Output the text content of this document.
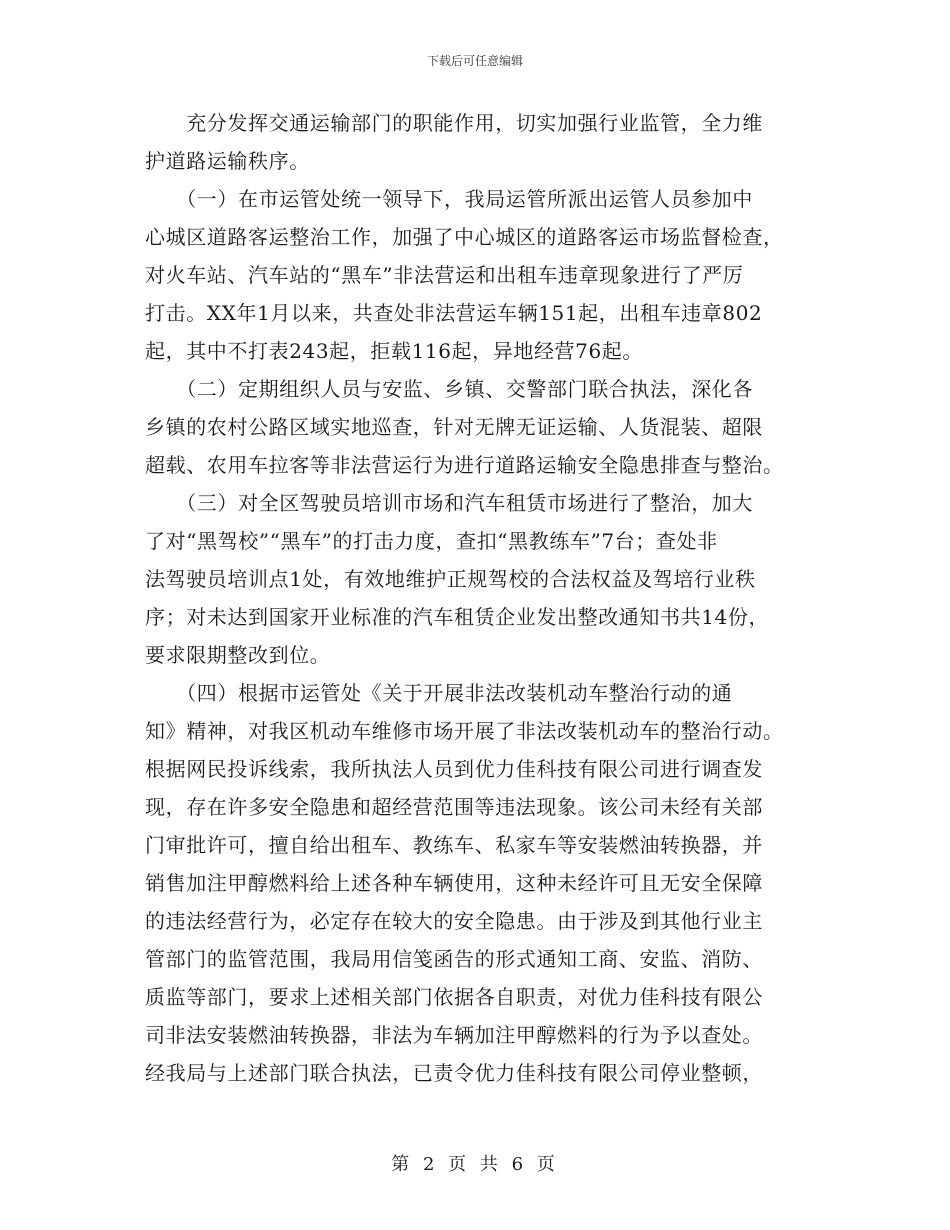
下载后可任意编辑
　　充分发挥交通运输部门的职能作用，切实加强行业监管，全力维
护道路运输秩序。
　　（一）在市运管处统一领导下，我局运管所派出运管人员参加中
心城区道路客运整治工作，加强了中心城区的道路客运市场监督检查，
对火车站、汽车站的“黑车”非法营运和出租车违章现象进行了严厉
打击。XX年1月以来，共查处非法营运车辆151起，出租车违章802
起，其中不打表243起，拒载116起，异地经营76起。
　　（二）定期组织人员与安监、乡镇、交警部门联合执法，深化各
乡镇的农村公路区域实地巡查，针对无牌无证运输、人货混装、超限
超载、农用车拉客等非法营运行为进行道路运输安全隐患排查与整治。
　　（三）对全区驾驶员培训市场和汽车租赁市场进行了整治，加大
了对“黑驾校”“黑车”的打击力度，查扣“黑教练车”7台；查处非
法驾驶员培训点1处，有效地维护正规驾校的合法权益及驾培行业秩
序；对未达到国家开业标准的汽车租赁企业发出整改通知书共14份，
要求限期整改到位。
　　（四）根据市运管处《关于开展非法改装机动车整治行动的通
知》精神，对我区机动车维修市场开展了非法改装机动车的整治行动。
根据网民投诉线索，我所执法人员到优力佳科技有限公司进行调查发
现，存在许多安全隐患和超经营范围等违法现象。该公司未经有关部
门审批许可，擅自给出租车、教练车、私家车等安装燃油转换器，并
销售加注甲醇燃料给上述各种车辆使用，这种未经许可且无安全保障
的违法经营行为，必定存在较大的安全隐患。由于涉及到其他行业主
管部门的监管范围，我局用信笺函告的形式通知工商、安监、消防、
质监等部门，要求上述相关部门依据各自职责，对优力佳科技有限公
司非法安装燃油转换器，非法为车辆加注甲醇燃料的行为予以查处。
经我局与上述部门联合执法，已责令优力佳科技有限公司停业整顿，
第 2 页 共 6 页
